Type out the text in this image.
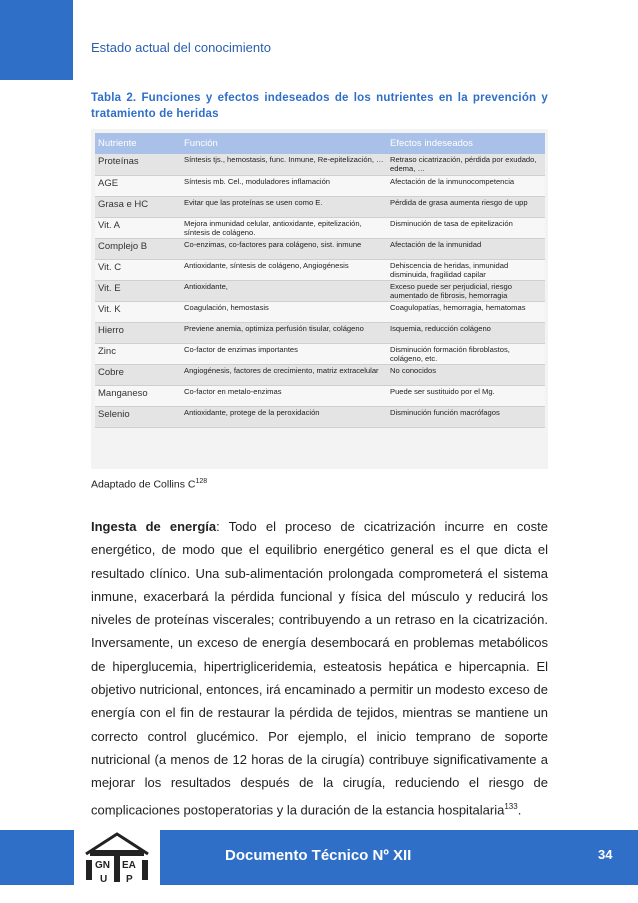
Estado actual del conocimiento
Tabla 2. Funciones y efectos indeseados de los nutrientes en la prevención y tratamiento de heridas
Nutriente	Función	Efectos indeseados
Proteínas	Síntesis tjs., hemostasis, func. Inmune, Re-epitelización, …	Retraso cicatrización, pérdida por exudado, edema, …
AGE	Síntesis mb. Cel., moduladores inflamación	Afectación de la inmunocompetencia
Grasa e HC	Evitar que las proteínas se usen como E.	Pérdida de grasa aumenta riesgo de upp
Vit. A	Mejora inmunidad celular, antioxidante, epitelización, síntesis de colágeno.	Disminución de tasa de epitelización
Complejo B	Co-enzimas, co-factores para colágeno, sist. inmune	Afectación de la inmunidad
Vit. C	Antioxidante, síntesis de colágeno, Angiogénesis	Dehiscencia de heridas, inmunidad disminuida, fragilidad capilar
Vit. E	Antioxidante,	Exceso puede ser perjudicial, riesgo aumentado de fibrosis, hemorragia
Vit. K	Coagulación, hemostasis	Coagulopatías, hemorragia, hematomas
Hierro	Previene anemia, optimiza perfusión tisular, colágeno	Isquemia, reducción colágeno
Zinc	Co-factor de enzimas importantes	Disminución formación fibroblastos, colágeno, etc.
Cobre	Angiogénesis, factores de crecimiento, matriz extracelular	No conocidos
Manganeso	Co-factor en metalo-enzimas	Puede ser sustituido por el Mg.
Selenio	Antioxidante, protege de la peroxidación	Disminución función macrófagos
Adaptado de Collins $C^{128}$
Ingesta de energía: Todo el proceso de cicatrización incurre en coste energético, de modo que el equilibrio energético general es el que dicta el resultado clínico. Una sub-alimentación prolongada comprometerá el sistema inmune, exacerbará la pérdida funcional y física del músculo y reducirá los niveles de proteínas viscerales; contribuyendo a un retraso en la cicatrización. Inversamente, un exceso de energía desembocará en problemas metabólicos de hiperglucemia, hipertrigliceridemia, esteatosis hepática e hipercapnia. El objetivo nutricional, entonces, irá encaminado a permitir un modesto exceso de energía con el fin de restaurar la pérdida de tejidos, mientras se mantiene un correcto control glucémico. Por ejemplo, el inicio temprano de soporte nutricional (a menos de 12 horas de la cirugía) contribuye significativamente a mejorar los resultados después de la cirugía, reduciendo el riesgo de complicaciones postoperatorias y la duración de la estancia hospitalaria$^{133}$.
GN EA
U P
Documento Técnico Nº XII	34
